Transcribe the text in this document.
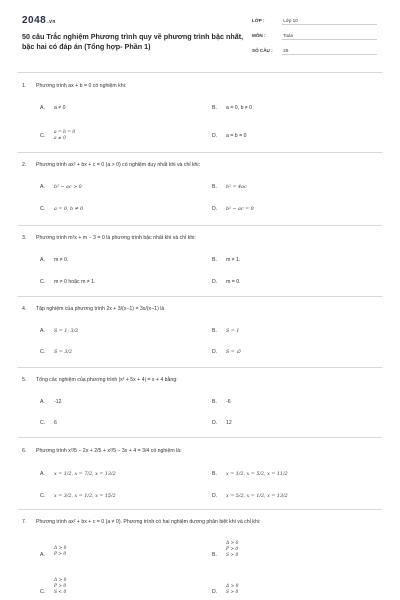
2048.vn
50 câu Trắc nghiệm Phương trình quy về phương trình bậc nhất, bậc hai có đáp án (Tổng hợp- Phần 1)
LỚP :	Lớp 10
MÔN :	Toán
SỐ CÂU : 25
1. Phương trình ax + b = 0 có nghiệm khi:
A. a ≠ 0	B. a = 0, b ≠ 0
C.
a = b = 0
a ≠ 0	D. a = b = 0
2. Phương trình ax² + bx + c = 0 (a > 0) có nghiệm duy nhất khi và chỉ khi:
A. b² − ac > 0	B. b² = 4ac
C. a = 0, b ≠ 0	D. b² − ac = 0
3. Phương trình m²x + m − 3 = 0 là phương trình bậc nhất khi và chỉ khi:
A. m ≠ 0.	B. m ≠ 1.
C. m ≠ 0 hoặc m ≠ 1.	D. m = 0.
4. Tập nghiệm của phương trình 2x + 3/(x−1) = 3x/(x−1) là
A. S = 1; 3/2	B. S = 1
C. S = 3/2	D. S = ∅
5. Tổng các nghiệm của phương trình |x² + 5x + 4| = x + 4 bằng:
A. -12	B. -6
C. 6	D. 12
6. Phương trình x²/5 − 2x + 2/5 + x²/5 − 3x + 4 = 3/4 có nghiệm là:
A. x = 1/2, x = 7/2, x = 13/2	B. x = 1/2, x = 5/2, x = 11/2
C. x = 3/2, x = 1/2, x = 15/2	D. x = 5/2, x = 1/2, x = 13/2
7. Phương trình ax² + bx + c = 0 (a ≠ 0). Phương trình có hai nghiệm dương phân biệt khi và chỉ khi:
A.
Δ > 0
P > 0	B.
Δ > 0
P > 0
S > 0
C.
Δ > 0
P > 0
S < 0	D.
Δ > 0
S > 0
